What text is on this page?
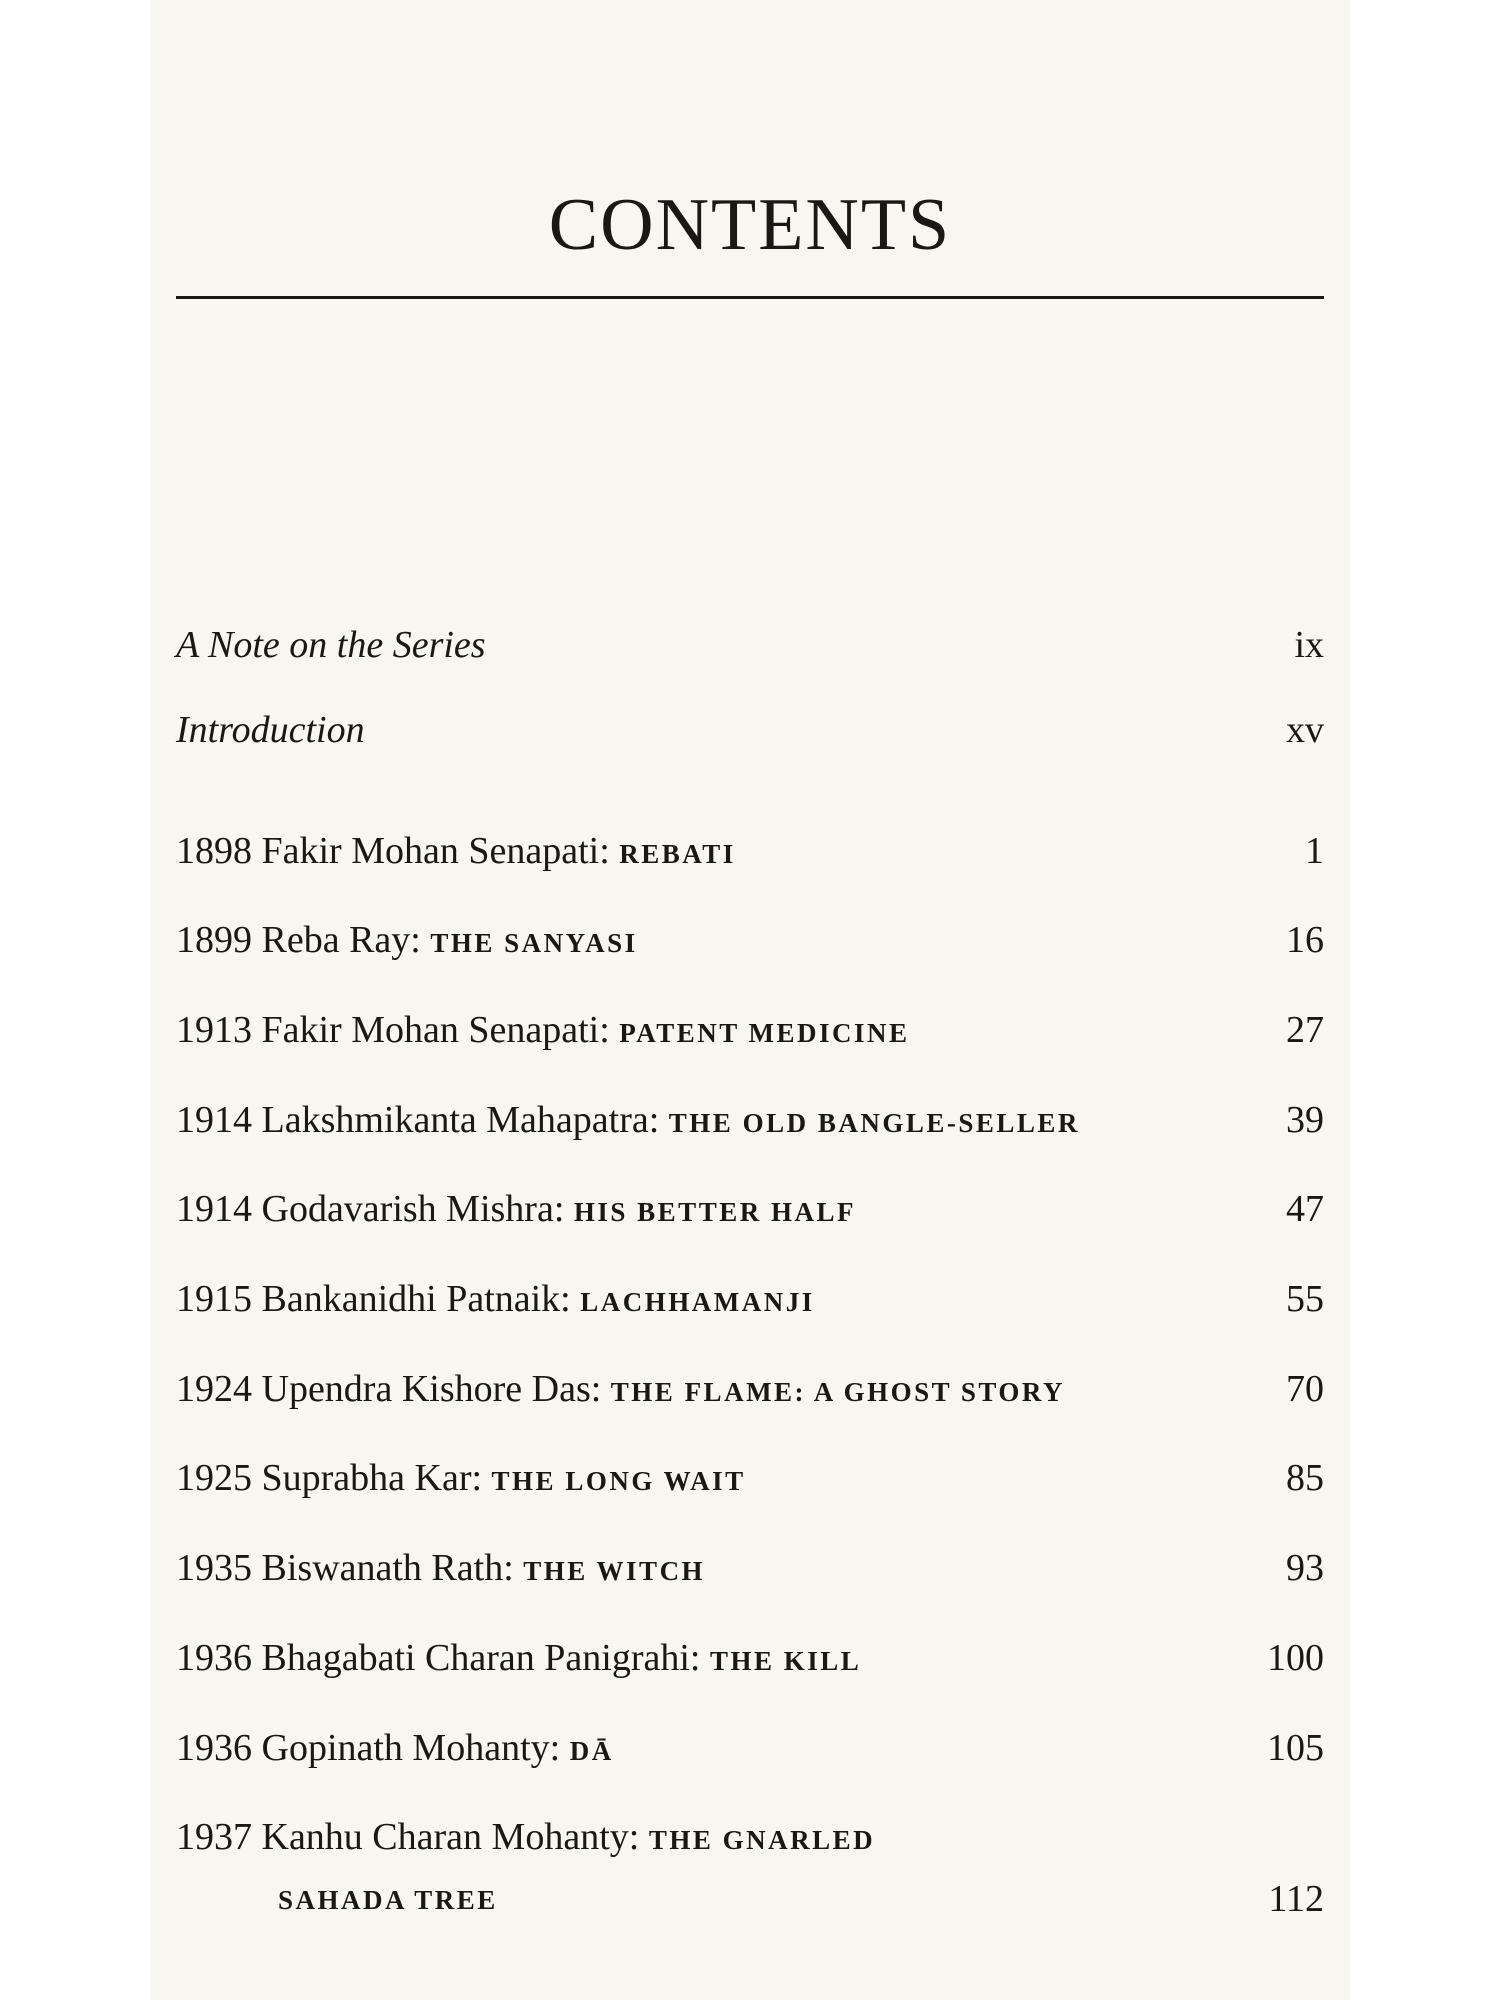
CONTENTS
A Note on the Series	ix
Introduction	xv
1898 Fakir Mohan Senapati: REBATI	1
1899 Reba Ray: THE SANYASI	16
1913 Fakir Mohan Senapati: PATENT MEDICINE	27
1914 Lakshmikanta Mahapatra: THE OLD BANGLE-SELLER	39
1914 Godavarish Mishra: HIS BETTER HALF	47
1915 Bankanidhi Patnaik: LACHHAMANJI	55
1924 Upendra Kishore Das: THE FLAME: A GHOST STORY	70
1925 Suprabha Kar: THE LONG WAIT	85
1935 Biswanath Rath: THE WITCH	93
1936 Bhagabati Charan Panigrahi: THE KILL	100
1936 Gopinath Mohanty: DĀ	105
1937 Kanhu Charan Mohanty: THE GNARLED
SAHADA TREE	112
